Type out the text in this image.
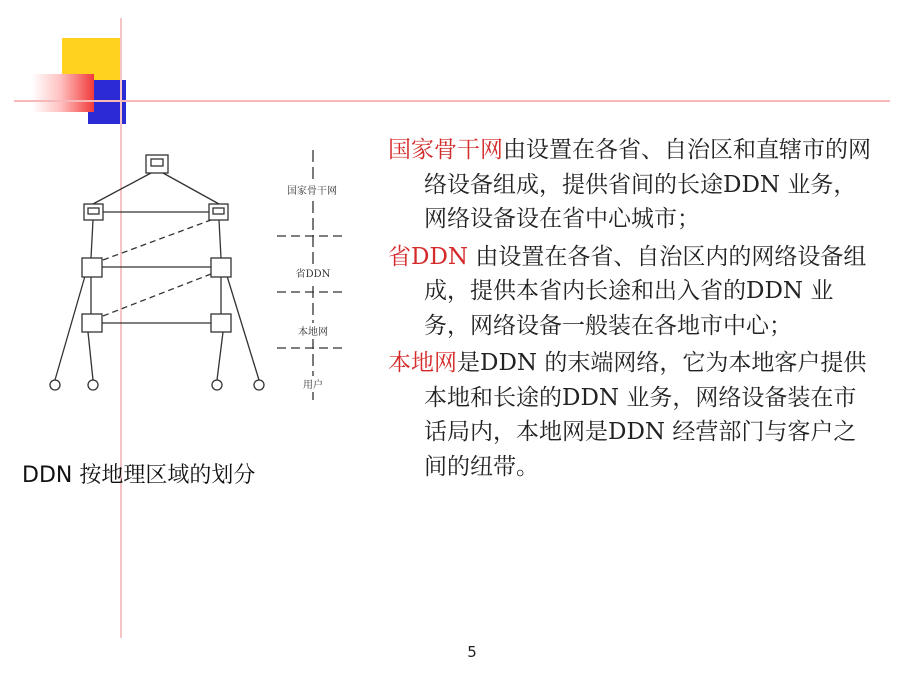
国家骨干网
省DDN
本地网
用户

DDN 按地理区域的划分

国家骨干网由设置在各省、自治区和直辖市的网络设备组成，提供省间的长途DDN 业务，网络设备设在省中心城市；

省DDN 由设置在各省、自治区内的网络设备组成，提供本省内长途和出入省的DDN 业务，网络设备一般装在各地市中心；

本地网是DDN 的末端网络，它为本地客户提供本地和长途的DDN 业务，网络设备装在市话局内，本地网是DDN 经营部门与客户之间的纽带。

5
